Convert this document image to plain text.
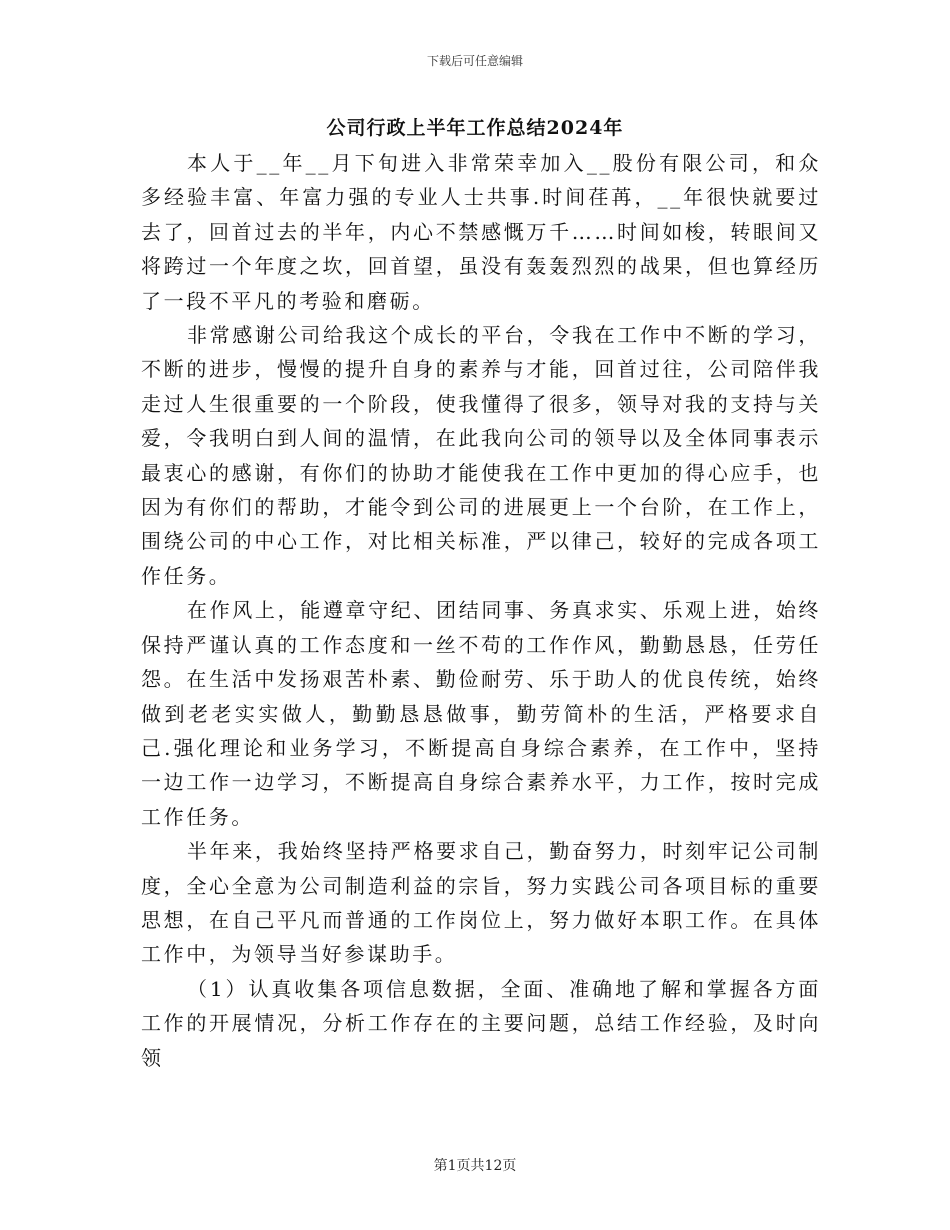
下载后可任意编辑
公司行政上半年工作总结2024年

本人于__年__月下旬进入非常荣幸加入__股份有限公司，和众多经验丰富、年富力强的专业人士共事.时间荏苒，__年很快就要过去了，回首过去的半年，内心不禁感慨万千……时间如梭，转眼间又将跨过一个年度之坎，回首望，虽没有轰轰烈烈的战果，但也算经历了一段不平凡的考验和磨砺。

非常感谢公司给我这个成长的平台，令我在工作中不断的学习，不断的进步，慢慢的提升自身的素养与才能，回首过往，公司陪伴我走过人生很重要的一个阶段，使我懂得了很多，领导对我的支持与关爱，令我明白到人间的温情，在此我向公司的领导以及全体同事表示最衷心的感谢，有你们的协助才能使我在工作中更加的得心应手，也因为有你们的帮助，才能令到公司的进展更上一个台阶，在工作上，围绕公司的中心工作，对比相关标准，严以律己，较好的完成各项工作任务。

在作风上，能遵章守纪、团结同事、务真求实、乐观上进，始终保持严谨认真的工作态度和一丝不苟的工作作风，勤勤恳恳，任劳任怨。在生活中发扬艰苦朴素、勤俭耐劳、乐于助人的优良传统，始终做到老老实实做人，勤勤恳恳做事，勤劳简朴的生活，严格要求自己.强化理论和业务学习，不断提高自身综合素养，在工作中，坚持一边工作一边学习，不断提高自身综合素养水平，力工作，按时完成工作任务。

半年来，我始终坚持严格要求自己，勤奋努力，时刻牢记公司制度，全心全意为公司制造利益的宗旨，努力实践公司各项目标的重要思想，在自己平凡而普通的工作岗位上，努力做好本职工作。在具体工作中，为领导当好参谋助手。

（1）认真收集各项信息数据，全面、准确地了解和掌握各方面工作的开展情况，分析工作存在的主要问题，总结工作经验，及时向领

第1页共12页
